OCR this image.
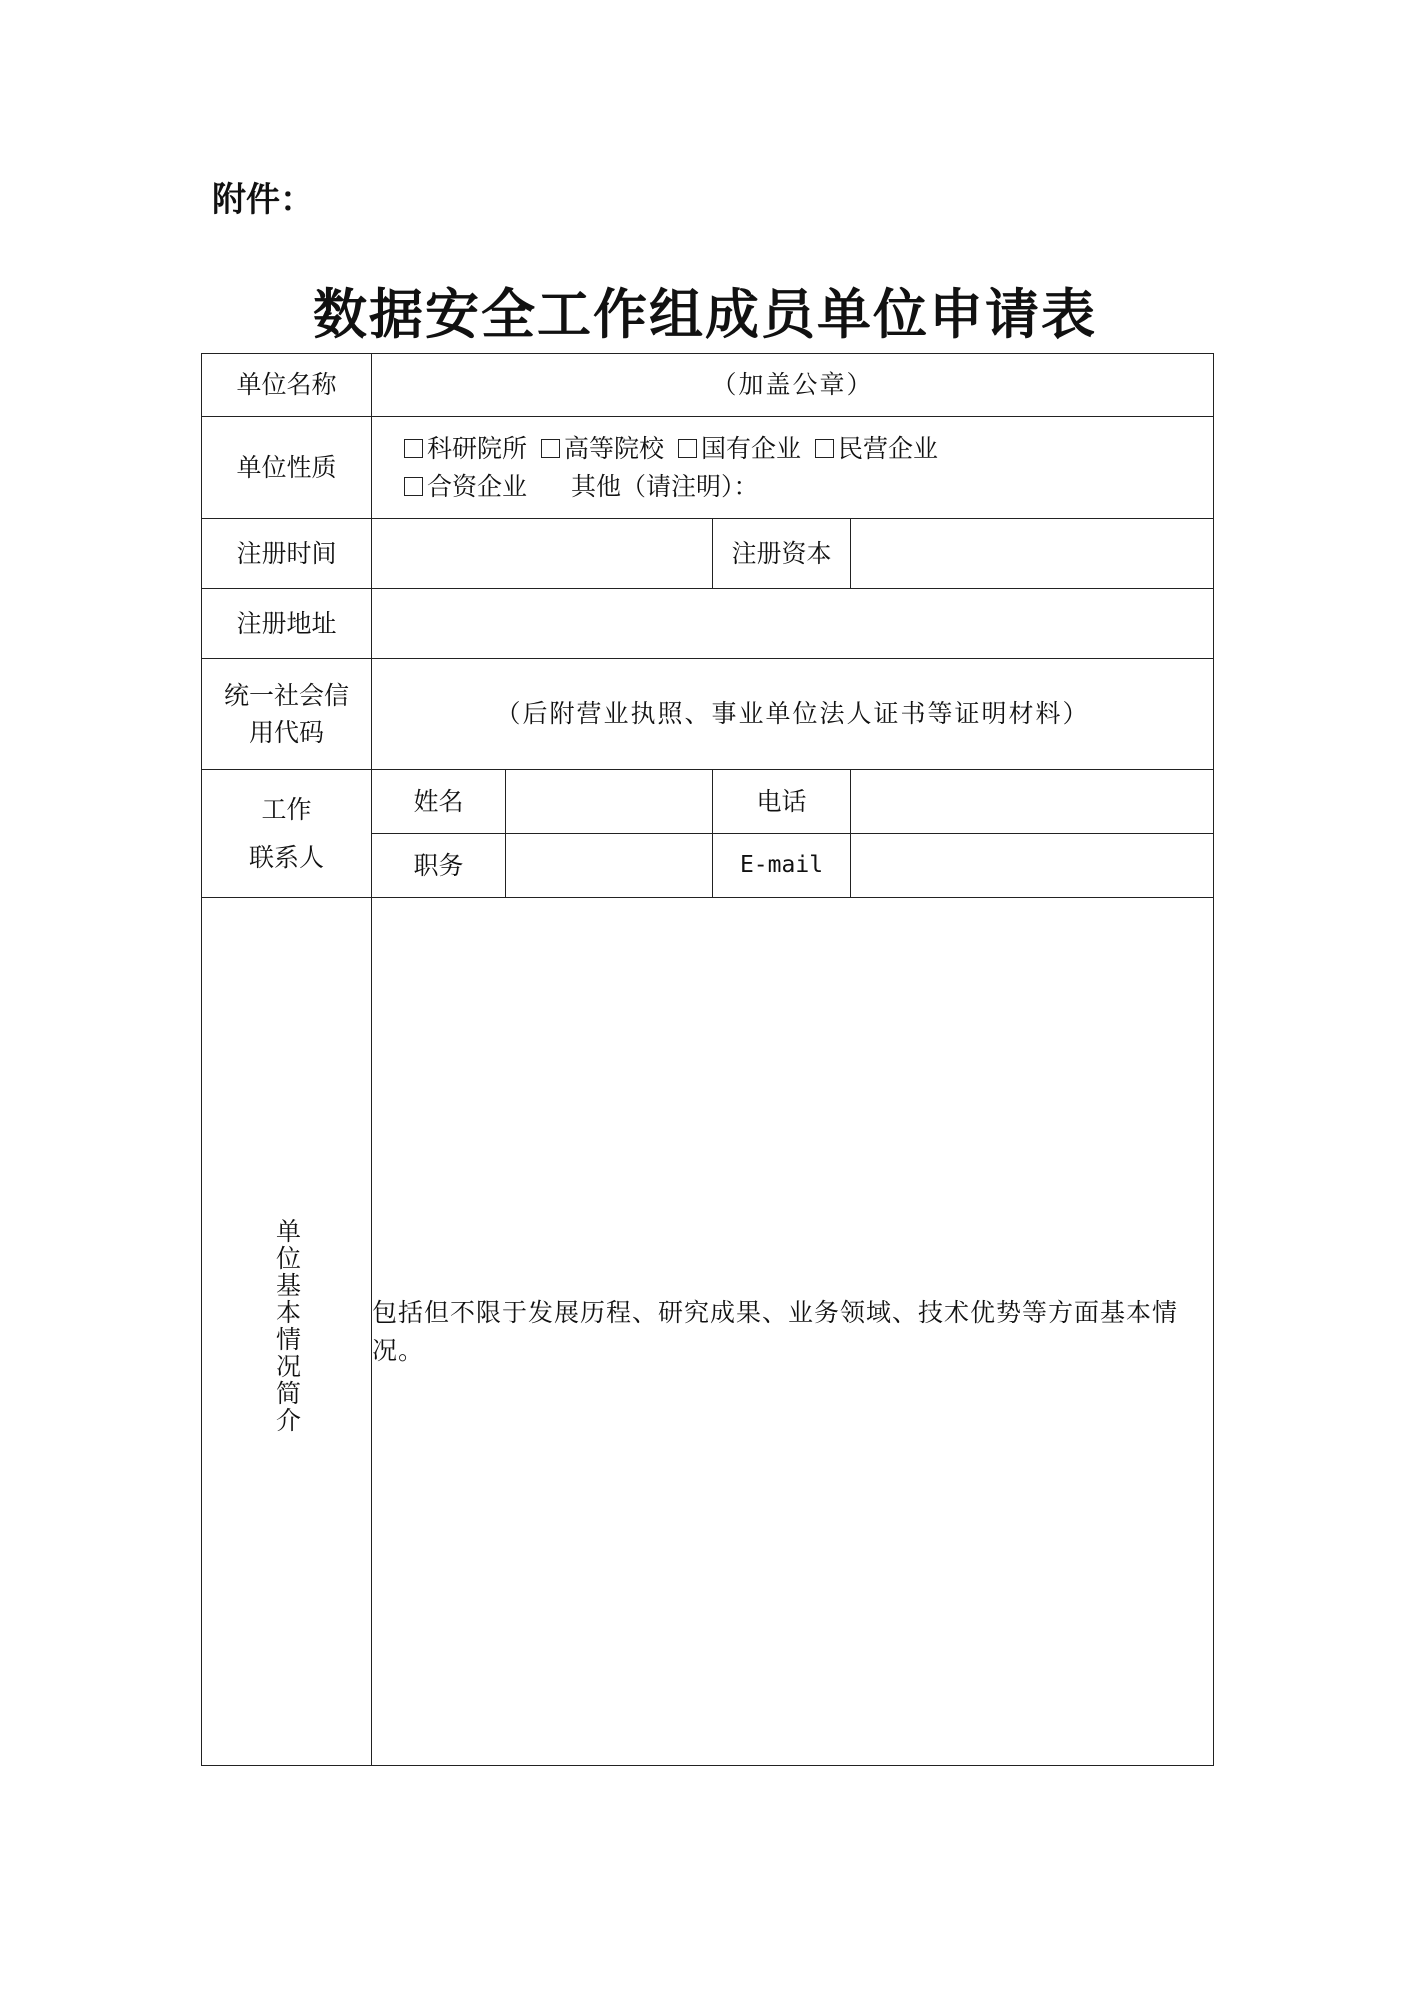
附件：
数据安全工作组成员单位申请表
单位名称	（加盖公章）			
单位性质	科研院所 高等院校 国有企业 民营企业
合资企业 其他（请注明）：			

注册时间			注册资本	
注册地址				

统一社会信
用代码	（后附营业执照、事业单位法人证书等证明材料）			

工作
联系人	姓名		电话	
	职务		E-mail	
单位基本情况简介	包括但不限于发展历程、研究成果、业务领域、技术优势等方面基本情况。			
